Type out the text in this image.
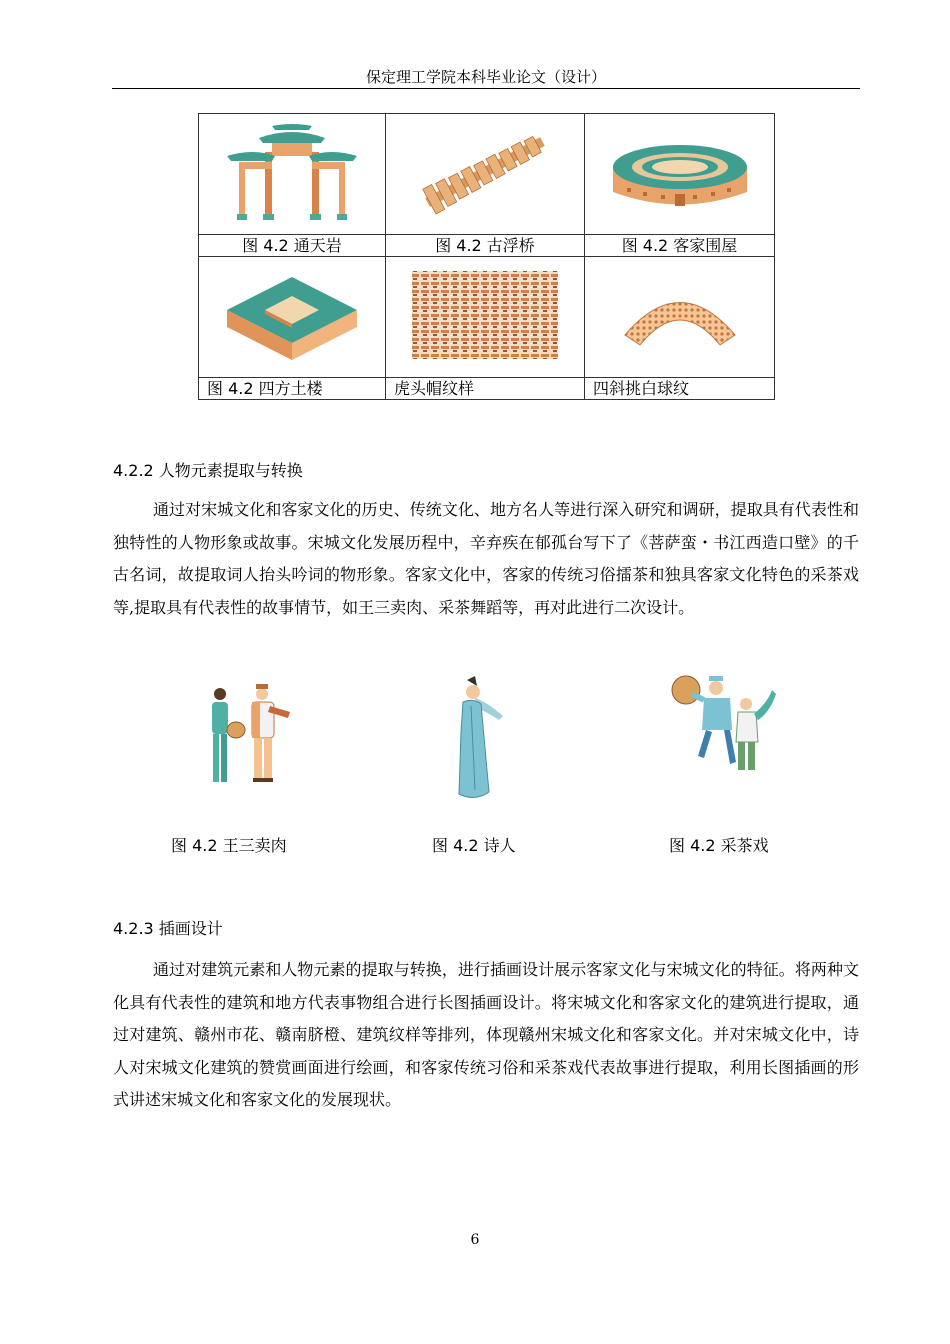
保定理工学院本科毕业论文（设计）

图 4.2 通天岩	图 4.2 古浮桥	图 4.2 客家围屋

图 4.2 四方土楼	虎头帽纹样	四斜挑白球纹
4.2.2 人物元素提取与转换
通过对宋城文化和客家文化的历史、传统文化、地方名人等进行深入研究和调研，提取具有代表性和独特性的人物形象或故事。宋城文化发展历程中，辛弃疾在郁孤台写下了《菩萨蛮・书江西造口壁》的千古名词，故提取词人抬头吟词的物形象。客家文化中，客家的传统习俗擂茶和独具客家文化特色的采茶戏等,提取具有代表性的故事情节，如王三卖肉、采茶舞蹈等，再对此进行二次设计。
图 4.2 王三卖肉	图 4.2 诗人	图 4.2 采茶戏
4.2.3 插画设计
通过对建筑元素和人物元素的提取与转换，进行插画设计展示客家文化与宋城文化的特征。将两种文化具有代表性的建筑和地方代表事物组合进行长图插画设计。将宋城文化和客家文化的建筑进行提取，通过对建筑、赣州市花、赣南脐橙、建筑纹样等排列，体现赣州宋城文化和客家文化。并对宋城文化中，诗人对宋城文化建筑的赞赏画面进行绘画，和客家传统习俗和采茶戏代表故事进行提取，利用长图插画的形式讲述宋城文化和客家文化的发展现状。
6
